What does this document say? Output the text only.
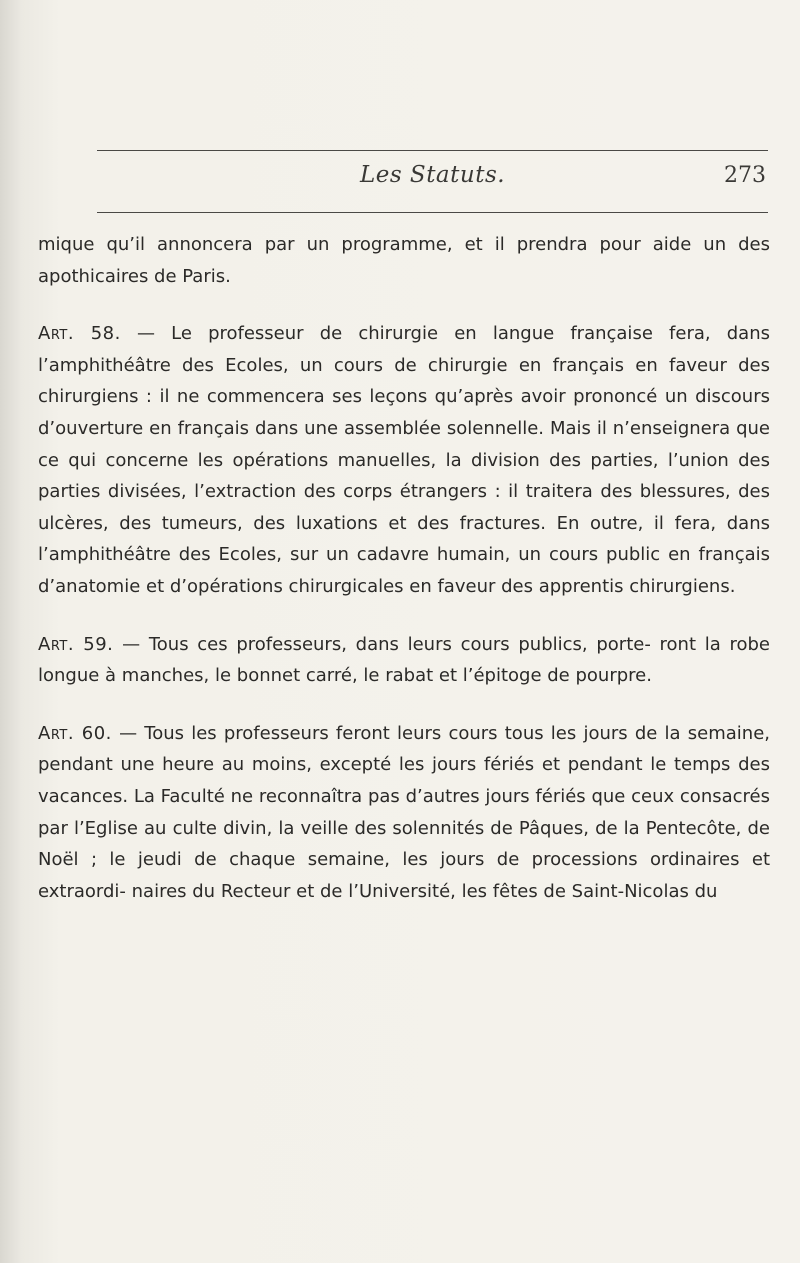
Les Statuts.	273

mique qu’il annoncera par un programme, et il prendra pour aide un des apothicaires de Paris.

Art. 58. — Le professeur de chirurgie en langue française fera, dans l’amphithéâtre des Ecoles, un cours de chirurgie en français en faveur des chirurgiens : il ne commencera ses leçons qu’après avoir prononcé un discours d’ouverture en français dans une assemblée solennelle. Mais il n’enseignera que ce qui concerne les opérations manuelles, la division des parties, l’union des parties divisées, l’extraction des corps étrangers : il traitera des blessures, des ulcères, des tumeurs, des luxations et des fractures. En outre, il fera, dans l’amphithéâtre des Ecoles, sur un cadavre humain, un cours public en français d’anatomie et d’opérations chirurgicales en faveur des apprentis chirurgiens.

Art. 59. — Tous ces professeurs, dans leurs cours publics, porte- ront la robe longue à manches, le bonnet carré, le rabat et l’épitoge de pourpre.

Art. 60. — Tous les professeurs feront leurs cours tous les jours de la semaine, pendant une heure au moins, excepté les jours fériés et pendant le temps des vacances. La Faculté ne reconnaîtra pas d’autres jours fériés que ceux consacrés par l’Eglise au culte divin, la veille des solennités de Pâques, de la Pentecôte, de Noël ; le jeudi de chaque semaine, les jours de processions ordinaires et extraordi- naires du Recteur et de l’Université, les fêtes de Saint-Nicolas du
